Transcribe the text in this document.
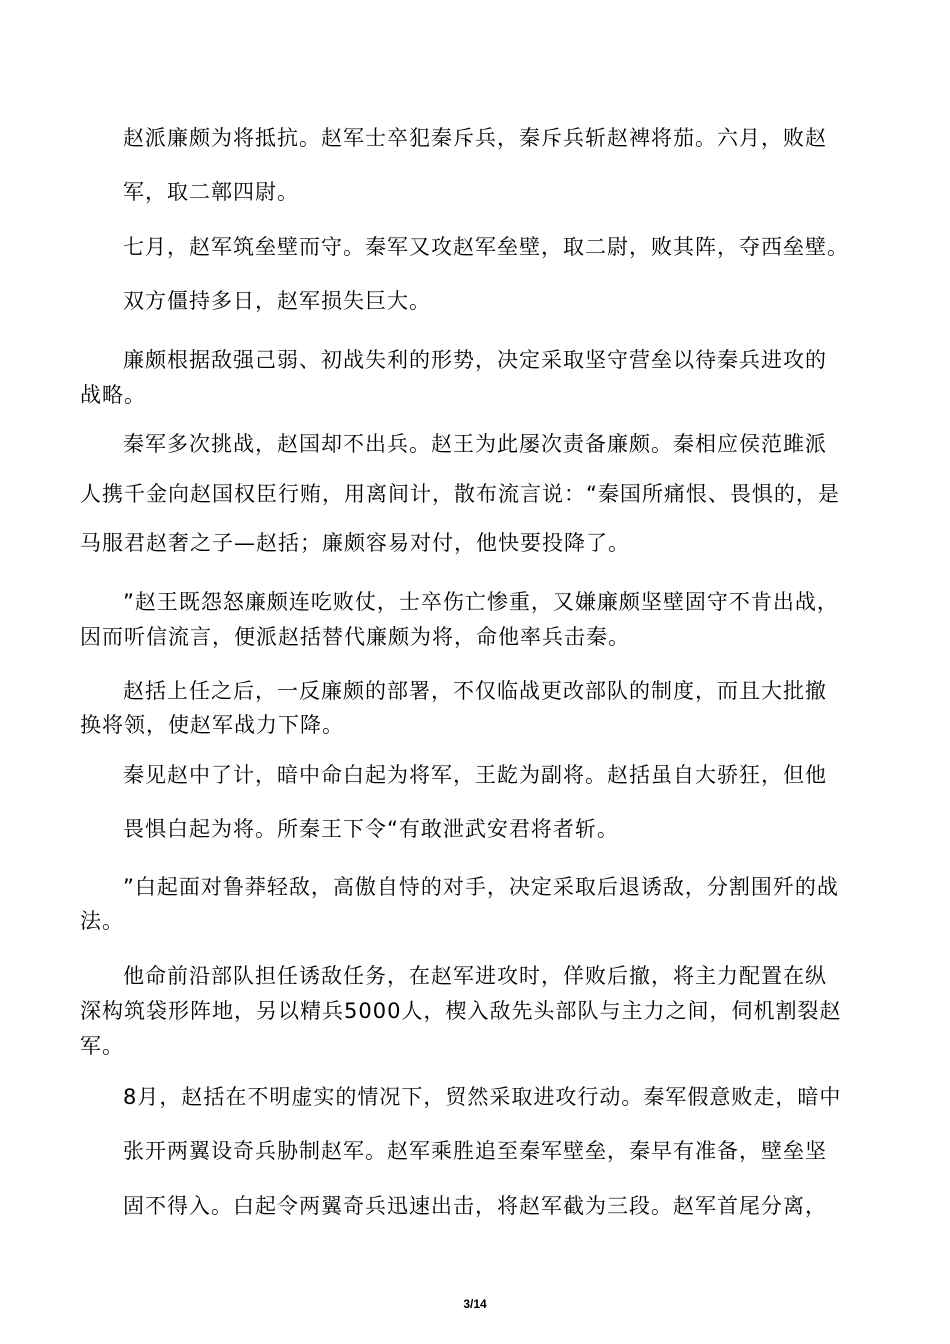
赵派廉颇为将抵抗。赵军士卒犯秦斥兵，秦斥兵斩赵裨将茄。六月，败赵

军，取二鄣四尉。

七月，赵军筑垒壁而守。秦军又攻赵军垒壁，取二尉，败其阵，夺西垒壁。

双方僵持多日，赵军损失巨大。

廉颇根据敌强己弱、初战失利的形势，决定采取坚守营垒以待秦兵进攻的

战略。

秦军多次挑战，赵国却不出兵。赵王为此屡次责备廉颇。秦相应侯范雎派

人携千金向赵国权臣行贿，用离间计，散布流言说：“秦国所痛恨、畏惧的，是

马服君赵奢之子—赵括；廉颇容易对付，他快要投降了。

”赵王既怨怒廉颇连吃败仗，士卒伤亡惨重，又嫌廉颇坚壁固守不肯出战，

因而听信流言，便派赵括替代廉颇为将，命他率兵击秦。

赵括上任之后，一反廉颇的部署，不仅临战更改部队的制度，而且大批撤

换将领，使赵军战力下降。

秦见赵中了计，暗中命白起为将军，王龁为副将。赵括虽自大骄狂，但他

畏惧白起为将。所秦王下令“有敢泄武安君将者斩。

”白起面对鲁莽轻敌，高傲自恃的对手，决定采取后退诱敌，分割围歼的战

法。

他命前沿部队担任诱敌任务，在赵军进攻时，佯败后撤，将主力配置在纵

深构筑袋形阵地，另以精兵5000人，楔入敌先头部队与主力之间，伺机割裂赵

军。

8月，赵括在不明虚实的情况下，贸然采取进攻行动。秦军假意败走，暗中

张开两翼设奇兵胁制赵军。赵军乘胜追至秦军壁垒，秦早有准备，壁垒坚

固不得入。白起令两翼奇兵迅速出击，将赵军截为三段。赵军首尾分离，

3/14
